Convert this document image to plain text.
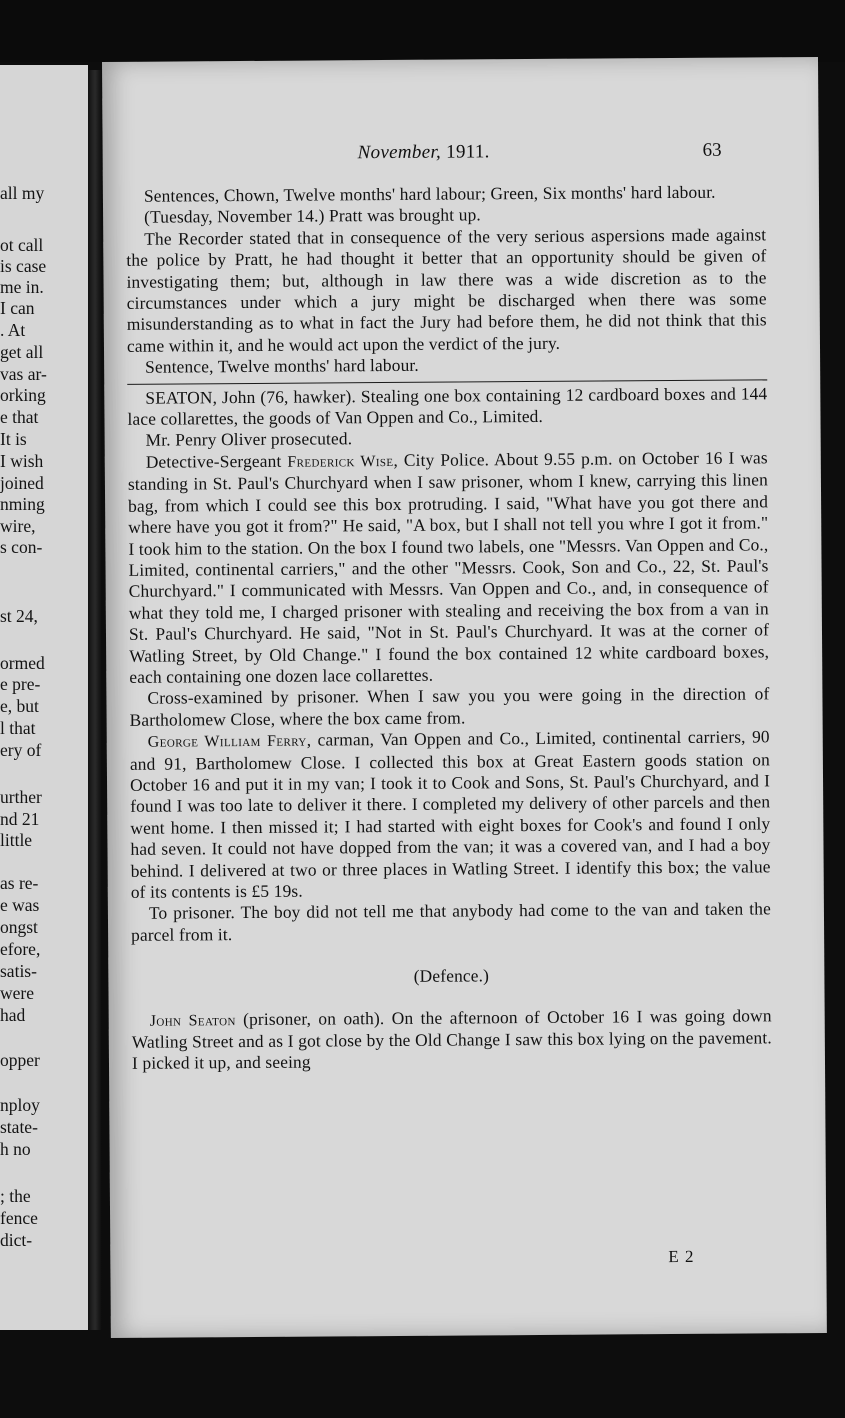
all my
ot call
is case
me in.
I can
. At
get all
vas ar-
orking
e that
It is
I wish
joined
nming
wire,
s con-
st 24,
ormed
e pre-
e, but
l that
ery of
urther
nd 21
little
as re-
e was
ongst
efore,
satis-
were
had
opper
nploy
state-
h no
; the
fence
dict-
November, 1911.	63

Sentences, Chown, Twelve months' hard labour; Green, Six months' hard labour.

(Tuesday, November 14.) Pratt was brought up.

The Recorder stated that in consequence of the very serious aspersions made against the police by Pratt, he had thought it better that an opportunity should be given of investigating them; but, although in law there was a wide discretion as to the circumstances under which a jury might be discharged when there was some misunderstanding as to what in fact the Jury had before them, he did not think that this came within it, and he would act upon the verdict of the jury.

Sentence, Twelve months' hard labour.

SEATON, John (76, hawker). Stealing one box containing 12 cardboard boxes and 144 lace collarettes, the goods of Van Oppen and Co., Limited.

Mr. Penry Oliver prosecuted.

Detective-Sergeant Frederick Wise, City Police. About 9.55 p.m. on October 16 I was standing in St. Paul's Churchyard when I saw prisoner, whom I knew, carrying this linen bag, from which I could see this box protruding. I said, "What have you got there and where have you got it from?" He said, "A box, but I shall not tell you whre I got it from." I took him to the station. On the box I found two labels, one "Messrs. Van Oppen and Co., Limited, continental carriers," and the other "Messrs. Cook, Son and Co., 22, St. Paul's Churchyard." I communicated with Messrs. Van Oppen and Co., and, in consequence of what they told me, I charged prisoner with stealing and receiving the box from a van in St. Paul's Churchyard. He said, "Not in St. Paul's Churchyard. It was at the corner of Watling Street, by Old Change." I found the box contained 12 white cardboard boxes, each containing one dozen lace collarettes.

Cross-examined by prisoner. When I saw you you were going in the direction of Bartholomew Close, where the box came from.

George William Ferry, carman, Van Oppen and Co., Limited, continental carriers, 90 and 91, Bartholomew Close. I collected this box at Great Eastern goods station on October 16 and put it in my van; I took it to Cook and Sons, St. Paul's Churchyard, and I found I was too late to deliver it there. I completed my delivery of other parcels and then went home. I then missed it; I had started with eight boxes for Cook's and found I only had seven. It could not have dopped from the van; it was a covered van, and I had a boy behind. I delivered at two or three places in Watling Street. I identify this box; the value of its contents is £5 19s.

To prisoner. The boy did not tell me that anybody had come to the van and taken the parcel from it.

(Defence.)

John Seaton (prisoner, on oath). On the afternoon of October 16 I was going down Watling Street and as I got close by the Old Change I saw this box lying on the pavement. I picked it up, and seeing

E 2
